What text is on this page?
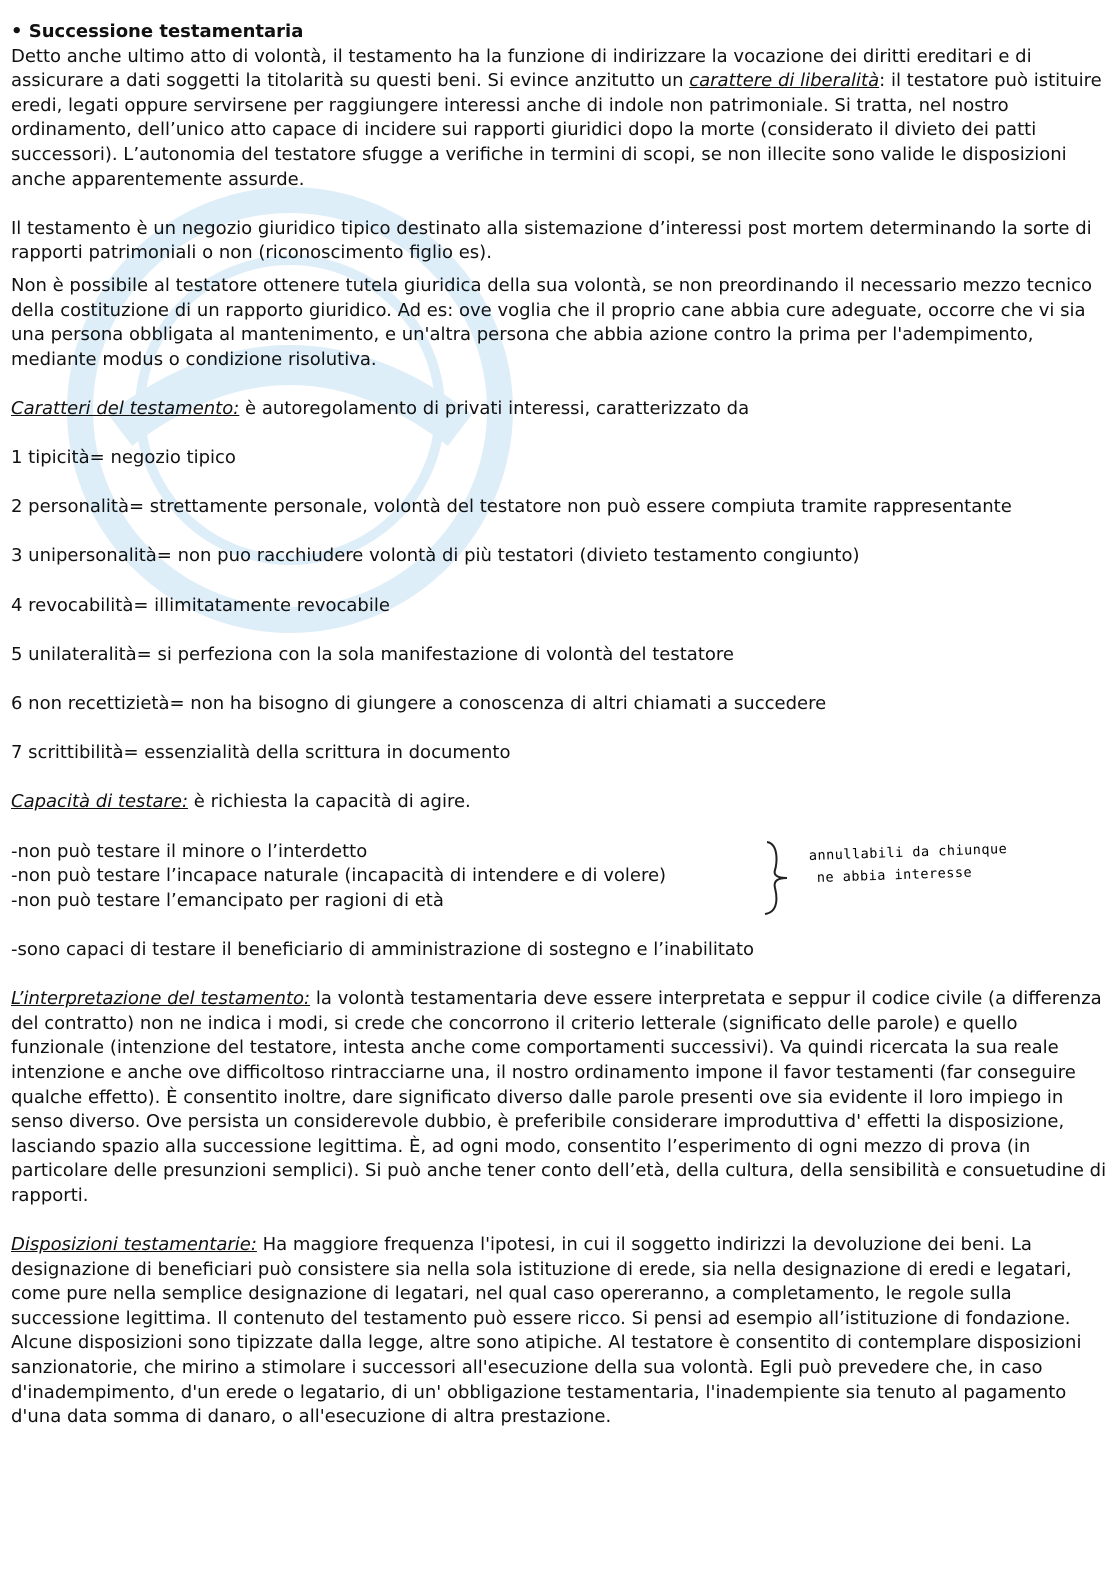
• Successione testamentaria

Detto anche ultimo atto di volontà, il testamento ha la funzione di indirizzare la vocazione dei diritti ereditari e di assicurare a dati soggetti la titolarità su questi beni. Si evince anzitutto un carattere di liberalità: il testatore può istituire eredi, legati oppure servirsene per raggiungere interessi anche di indole non patrimoniale. Si tratta, nel nostro ordinamento, dell’unico atto capace di incidere sui rapporti giuridici dopo la morte (considerato il divieto dei patti successori). L’autonomia del testatore sfugge a verifiche in termini di scopi, se non illecite sono valide le disposizioni anche apparentemente assurde.

Il testamento è un negozio giuridico tipico destinato alla sistemazione d’interessi post mortem determinando la sorte di rapporti patrimoniali o non (riconoscimento figlio es).

Non è possibile al testatore ottenere tutela giuridica della sua volontà, se non preordinando il necessario mezzo tecnico della costituzione di un rapporto giuridico. Ad es: ove voglia che il proprio cane abbia cure adeguate, occorre che vi sia una persona obbligata al mantenimento, e un'altra persona che abbia azione contro la prima per l'adempimento, mediante modus o condizione risolutiva.

Caratteri del testamento: è autoregolamento di privati interessi, caratterizzato da

1 tipicità= negozio tipico

2 personalità= strettamente personale, volontà del testatore non può essere compiuta tramite rappresentante

3 unipersonalità= non puo racchiudere volontà di più testatori (divieto testamento congiunto)

4 revocabilità= illimitatamente revocabile

5 unilateralità= si perfeziona con la sola manifestazione di volontà del testatore

6 non recettizietà= non ha bisogno di giungere a conoscenza di altri chiamati a succedere

7 scrittibilità= essenzialità della scrittura in documento

Capacità di testare: è richiesta la capacità di agire.

-non può testare il minore o l’interdetto

-non può testare l’incapace naturale (incapacità di intendere e di volere)

-non può testare l’emancipato per ragioni di età

annullabili da chiunque
ne abbia interesse

-sono capaci di testare il beneficiario di amministrazione di sostegno e l’inabilitato

L’interpretazione del testamento: la volontà testamentaria deve essere interpretata e seppur il codice civile (a differenza del contratto) non ne indica i modi, si crede che concorrono il criterio letterale (significato delle parole) e quello funzionale (intenzione del testatore, intesta anche come comportamenti successivi). Va quindi ricercata la sua reale intenzione e anche ove difficoltoso rintracciarne una, il nostro ordinamento impone il favor testamenti (far conseguire qualche effetto). È consentito inoltre, dare significato diverso dalle parole presenti ove sia evidente il loro impiego in senso diverso. Ove persista un considerevole dubbio, è preferibile considerare improduttiva d' effetti la disposizione, lasciando spazio alla successione legittima. È, ad ogni modo, consentito l’esperimento di ogni mezzo di prova (in particolare delle presunzioni semplici). Si può anche tener conto dell’età, della cultura, della sensibilità e consuetudine di rapporti.

Disposizioni testamentarie: Ha maggiore frequenza l'ipotesi, in cui il soggetto indirizzi la devoluzione dei beni. La designazione di beneficiari può consistere sia nella sola istituzione di erede, sia nella designazione di eredi e legatari, come pure nella semplice designazione di legatari, nel qual caso opereranno, a completamento, le regole sulla successione legittima. Il contenuto del testamento può essere ricco. Si pensi ad esempio all’istituzione di fondazione. Alcune disposizioni sono tipizzate dalla legge, altre sono atipiche. Al testatore è consentito di contemplare disposizioni sanzionatorie, che mirino a stimolare i successori all'esecuzione della sua volontà. Egli può prevedere che, in caso d'inadempimento, d'un erede o legatario, di un' obbligazione testamentaria, l'inadempiente sia tenuto al pagamento d'una data somma di danaro, o all'esecuzione di altra prestazione.
